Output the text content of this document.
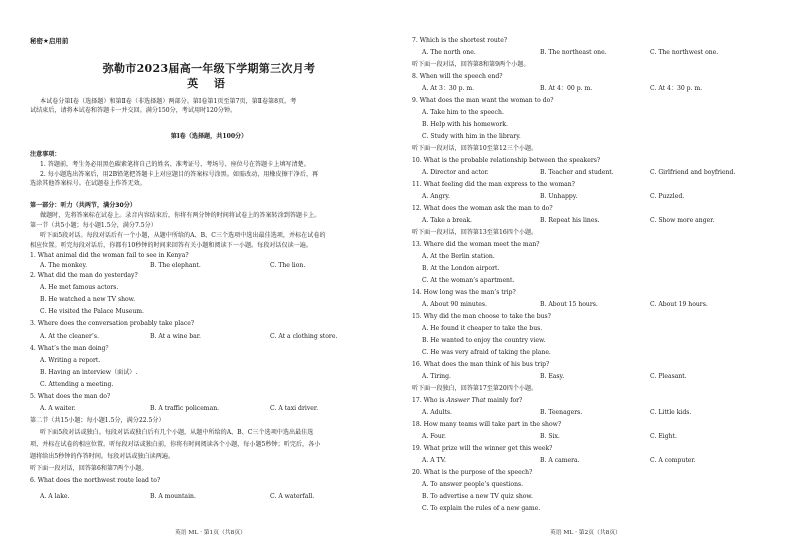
秘密★启用前
弥勒市2023届高一年级下学期第三次月考
英 语
本试卷分第Ⅰ卷（选择题）和第Ⅱ卷（非选择题）两部分。第Ⅰ卷第1页至第7页，第Ⅱ卷第8页。考
试结束后，请将本试卷和答题卡一并交回。满分150分，考试用时120分钟。
第Ⅰ卷（选择题，共100分）
注意事项：
1. 答题前，考生务必用黑色碳素笔将自己的姓名、准考证号、考场号、座位号在答题卡上填写清楚。
2. 每小题选出答案后，用2B铅笔把答题卡上对应题目的答案标号涂黑。如需改动，用橡皮擦干净后，再
选涂其他答案标号。在试题卷上作答无效。
第一部分：听力（共两节，满分30分）
做题时，先将答案标在试卷上。录音内容结束后，你将有两分钟的时间将试卷上的答案转涂到答题卡上。
第一节（共5小题；每小题1.5分，满分7.5分）
听下面5段对话。每段对话后有一个小题，从题中所给的A、B、C三个选项中选出最佳选项，并标在试卷的
相应位置。听完每段对话后，你都有10秒钟的时间来回答有关小题和阅读下一小题。每段对话仅读一遍。
1. What animal did the woman fail to see in Kenya?
A. The monkey.	B. The elephant.	C. The lion.
2. What did the man do yesterday?
A. He met famous actors.
B. He watched a new TV show.
C. He visited the Palace Museum.
3. Where does the conversation probably take place?
A. At the cleaner’s.	B. At a wine bar.	C. At a clothing store.
4. What’s the man doing？
A. Writing a report.
B. Having an interview（面试）.
C. Attending a meeting.
5. What does the man do?
A. A waiter.	B. A traffic policeman.	C. A taxi driver.
第二节（共15小题；每小题1.5分，满分22.5分）
听下面5段对话或独白。每段对话或独白后有几个小题，从题中所给的A、B、C三个选项中选出最佳选
项，并标在试卷的相应位置。听每段对话或独白前，你将有时间阅读各个小题，每小题5秒钟；听完后，各小
题将给出5秒钟的作答时间。每段对话或独白读两遍。
听下面一段对话，回答第6和第7两个小题。
6. What does the northwest route lead to?
A. A lake.	B. A mountain.	C. A waterfall.
英语 ML · 第1页（共8页）
7. Which is the shortest route?
A. The north one.	B. The northeast one.	C. The northwest one.
听下面一段对话，回答第8和第9两个小题。
8. When will the speech end?
A. At 3：30 p. m.	B. At 4：00 p. m.	C. At 4：30 p. m.
9. What does the man want the woman to do?
A. Take him to the speech.
B. Help with his homework.
C. Study with him in the library.
听下面一段对话，回答第10至第12三个小题。
10. What is the probable relationship between the speakers?
A. Director and actor.	B. Teacher and student.	C. Girlfriend and boyfriend.
11. What feeling did the man express to the woman?
A. Angry.	B. Unhappy.	C. Puzzled.
12. What does the woman ask the man to do?
A. Take a break.	B. Repeat his lines.	C. Show more anger.
听下面一段对话，回答第13至第16四个小题。
13. Where did the woman meet the man?
A. At the Berlin station.
B. At the London airport.
C. At the woman’s apartment.
14. How long was the man’s trip?
A. About 90 minutes.	B. About 15 hours.	C. About 19 hours.
15. Why did the man choose to take the bus?
A. He found it cheaper to take the bus.
B. He wanted to enjoy the country view.
C. He was very afraid of taking the plane.
16. What does the man think of his bus trip?
A. Tiring.	B. Easy.	C. Pleasant.
听下面一段独白，回答第17至第20四个小题。
17. Who is Answer That mainly for?
A. Adults.	B. Teenagers.	C. Little kids.
18. How many teams will take part in the show?
A. Four.	B. Six.	C. Eight.
19. What prize will the winner get this week?
A. A TV.	B. A camera.	C. A computer.
20. What is the purpose of the speech?
A. To answer people’s questions.
B. To advertise a new TV quiz show.
C. To explain the rules of a new game.
英语 ML · 第2页（共8页）
